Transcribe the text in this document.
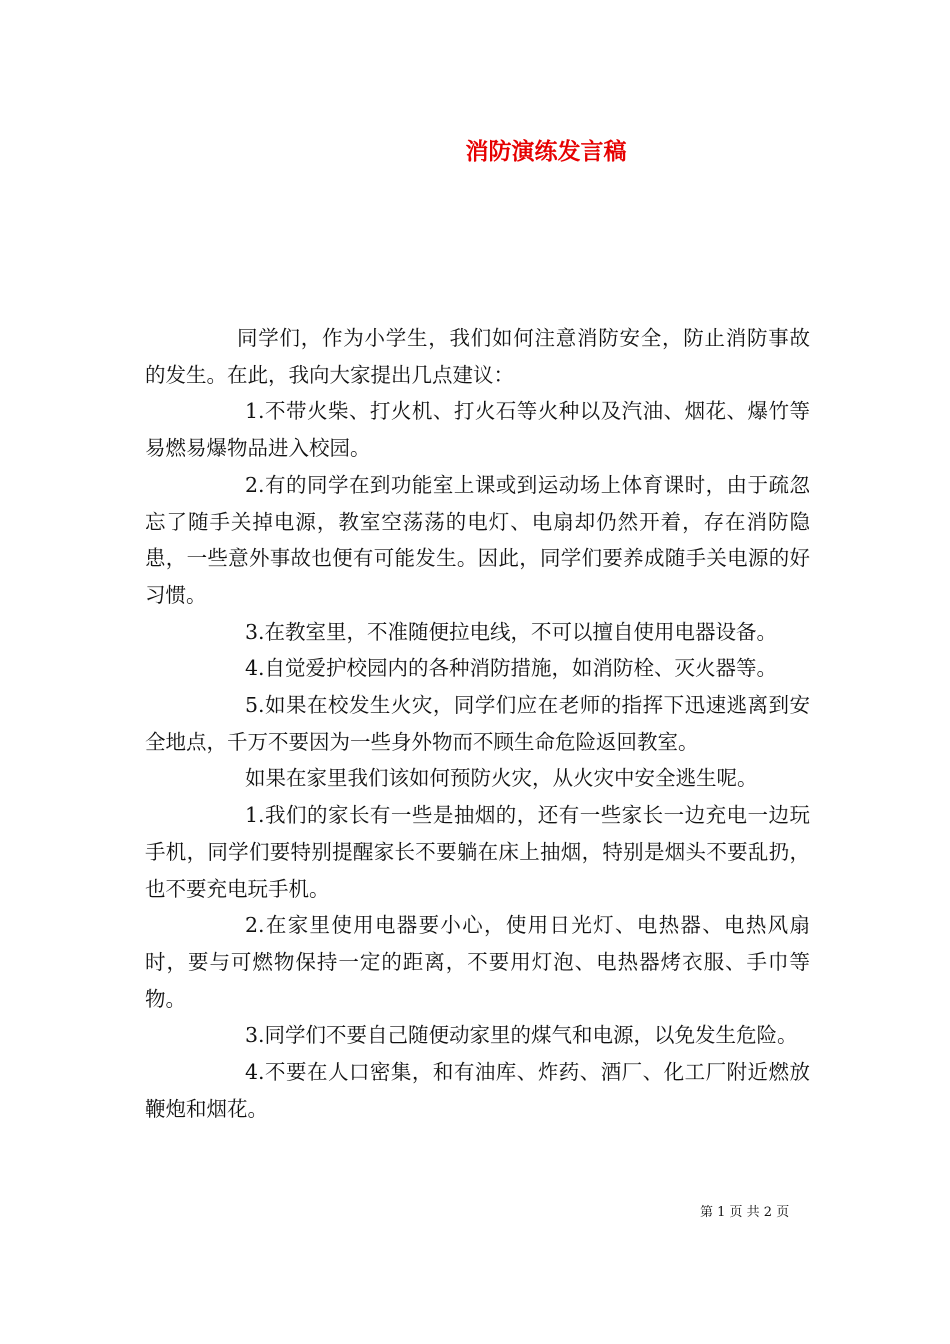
消防演练发言稿

同学们，作为小学生，我们如何注意消防安全，防止消防事故的发生。在此，我向大家提出几点建议：

1.不带火柴、打火机、打火石等火种以及汽油、烟花、爆竹等易燃易爆物品进入校园。

2.有的同学在到功能室上课或到运动场上体育课时，由于疏忽忘了随手关掉电源，教室空荡荡的电灯、电扇却仍然开着，存在消防隐患，一些意外事故也便有可能发生。因此，同学们要养成随手关电源的好习惯。

3.在教室里，不准随便拉电线，不可以擅自使用电器设备。

4.自觉爱护校园内的各种消防措施，如消防栓、灭火器等。

5.如果在校发生火灾，同学们应在老师的指挥下迅速逃离到安全地点，千万不要因为一些身外物而不顾生命危险返回教室。

如果在家里我们该如何预防火灾，从火灾中安全逃生呢。

1.我们的家长有一些是抽烟的，还有一些家长一边充电一边玩手机，同学们要特别提醒家长不要躺在床上抽烟，特别是烟头不要乱扔，也不要充电玩手机。

2.在家里使用电器要小心，使用日光灯、电热器、电热风扇时，要与可燃物保持一定的距离，不要用灯泡、电热器烤衣服、手巾等物。

3.同学们不要自己随便动家里的煤气和电源，以免发生危险。

4.不要在人口密集，和有油库、炸药、酒厂、化工厂附近燃放鞭炮和烟花。

第 1 页 共 2 页
